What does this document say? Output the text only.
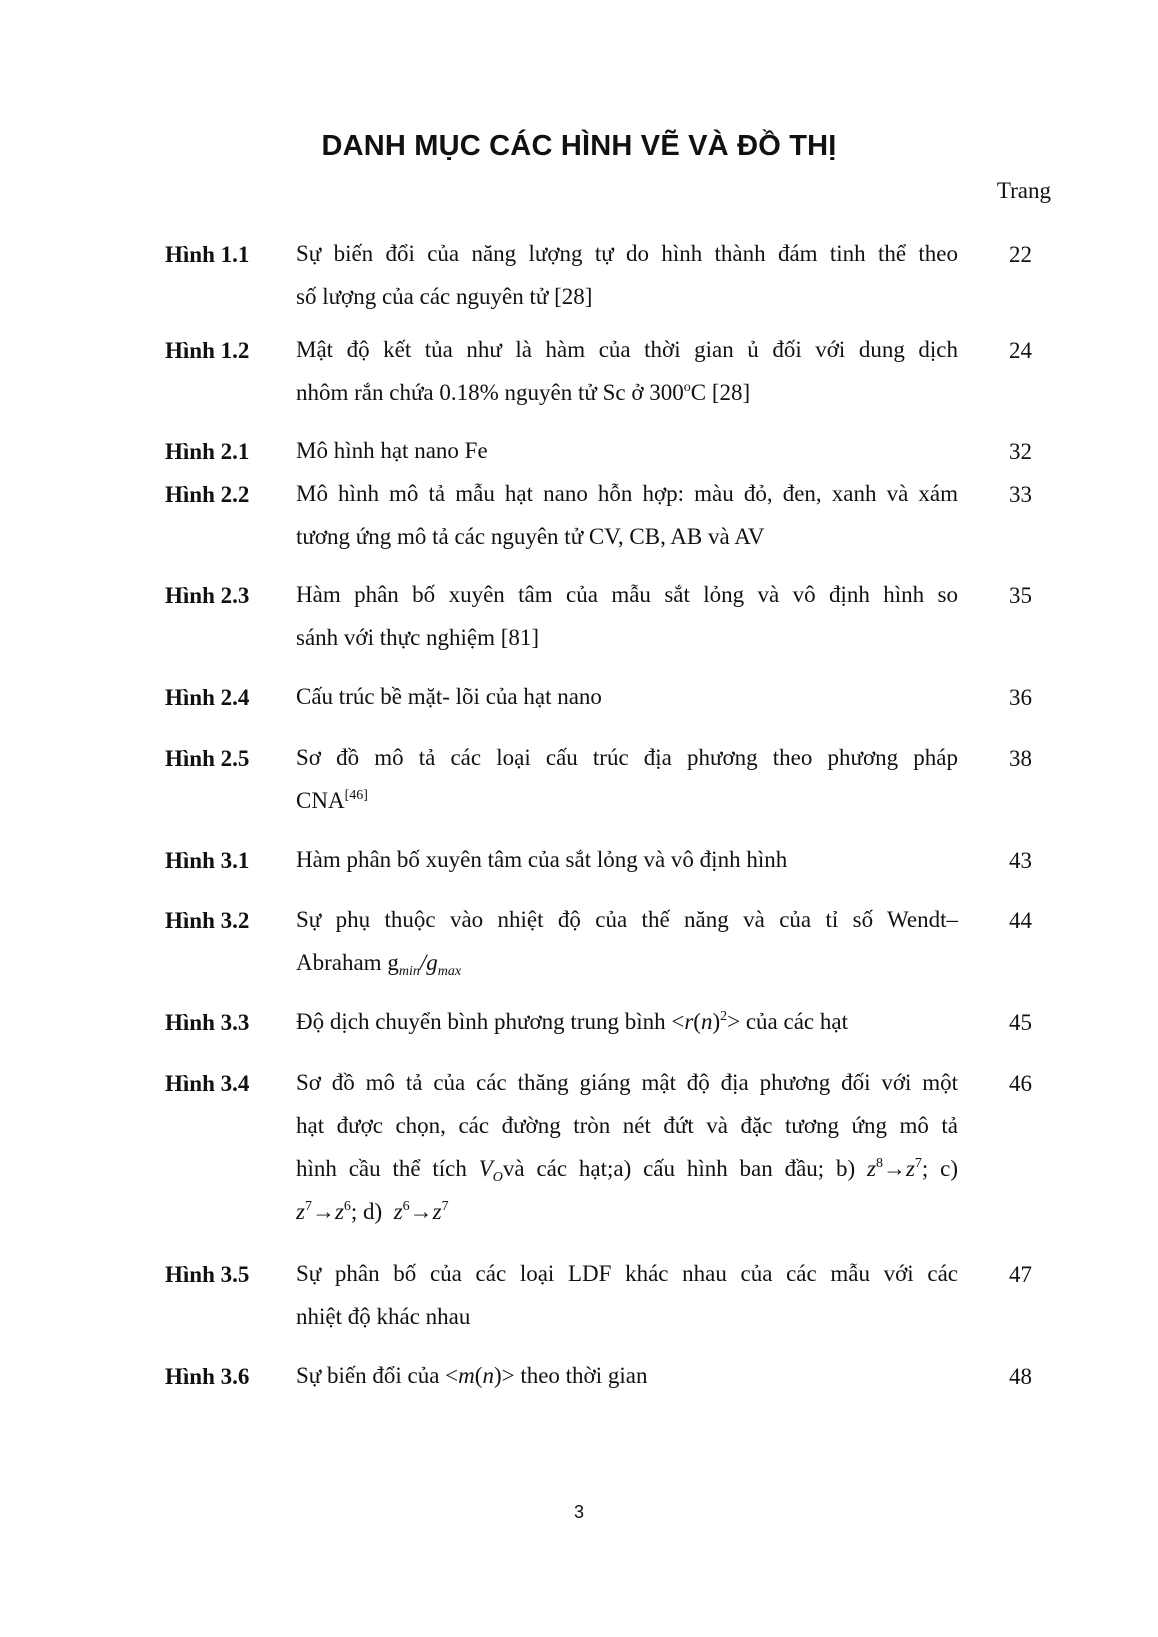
DANH MỤC CÁC HÌNH VẼ VÀ ĐỒ THỊ
Trang
Hình 1.1 Sự biến đổi của năng lượng tự do hình thành đám tinh thể theo
số lượng của các nguyên tử [28]
22
Hình 1.2 Mật độ kết tủa như là hàm của thời gian ủ đối với dung dịch
nhôm rắn chứa 0.18% nguyên tử Sc ở 300$^o$C [28]
24
Hình 2.1 Mô hình hạt nano Fe	32
Hình 2.2 Mô hình mô tả mẫu hạt nano hỗn hợp: màu đỏ, đen, xanh và xám
tương ứng mô tả các nguyên tử CV, CB, AB và AV
33
Hình 2.3 Hàm phân bố xuyên tâm của mẫu sắt lỏng và vô định hình so
sánh với thực nghiệm [81]
35
Hình 2.4 Cấu trúc bề mặt- lõi của hạt nano	36
Hình 2.5 Sơ đồ mô tả các loại cấu trúc địa phương theo phương pháp
CNA[46]
38
Hình 3.1 Hàm phân bố xuyên tâm của sắt lỏng và vô định hình	43
Hình 3.2 Sự phụ thuộc vào nhiệt độ của thế năng và của tỉ số Wendt–
Abraham $g_{min}/g_{max}$
44
Hình 3.3 Độ dịch chuyển bình phương trung bình $<r(n)^2>$ của các hạt	45
Hình 3.4 Sơ đồ mô tả của các thăng giáng mật độ địa phương đối với một
hạt được chọn, các đường tròn nét đứt và đặc tương ứng mô tả
hình cầu thể tích $V_Ovà$ các hạt;a) cấu hình ban đầu; b) $z^8\to z^7$; c)
$z^7\to z^6$; d)  $z^6\to z^7$
46
Hình 3.5 Sự phân bố của các loại LDF khác nhau của các mẫu với các
nhiệt độ khác nhau
47
Hình 3.6 Sự biến đổi của <m(n)> theo thời gian	48
3
